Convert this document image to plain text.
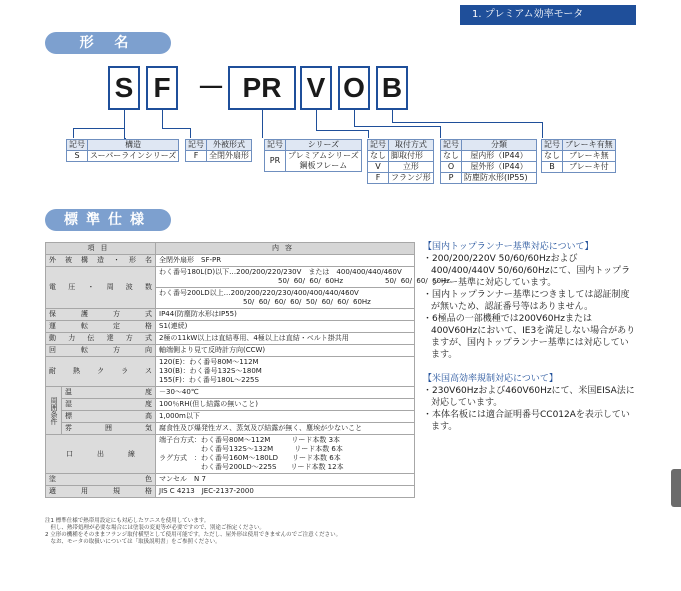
1. プレミアム効率モータ
形 名
S F － PR V O B
記号	構造
S	スーパーラインシリーズ
記号	外被形式
F	全閉外扇形
記号	シリーズ
PR	プレミアムシリーズ
鋼板フレーム
記号	取付方式
なし	脚取付形
V	立形
F	フランジ形
記号	分類
なし	屋内形（IP44）
O	屋外形（IP44）
P	防塵防水形(IP55)
記号	ブレーキ有無
なし	ブレーキ無
B	ブレーキ付
標準仕様
項目		内容
外被構造・形名		全閉外扇形　SF-PR
電圧・周波数		わく番号180L(D)以下…200/200/220/230V　または　400/400/440/460V
　　　　　　　　　　　　　　　　　50/  60/  60/  60Hz　　　　　　50/  60/  60/  60Hz
		わく番号200LD以上…200/200/220/230/400/400/440/460V
　　　　　　　　　　　　50/  60/  60/  60/  50/  60/  60/  60Hz
保護方式		IP44(防塵防水形はIP55)
運転定格		S1(連続)
動力伝達方式		2極の11kW以上は直結専用、4極以上は直結・ベルト掛共用
回転方向		軸端側より見て反時計方向(CCW)
耐熱クラス		120(E)：わく番号80M～112M
130(B)：わく番号132S～180M
155(F)：わく番号180L～225S
周囲条件	温度	－30～40℃
	湿度	100％RH(但し結露の無いこと)
	標高	1,000m以下
	雰囲気	腐食性及び爆発性ガス、蒸気及び結露が無く、塵埃が少ないこと
口出線		端子台方式：わく番号80M～112M　　　リード本数 3本
　　　　　　わく番号132S～132M　　　リード本数 6本
ラグ方式　：わく番号160M～180LD　　リード本数 6本
　　　　　　わく番号200LD～225S　　リード本数 12本
塗色		マンセル　N 7
適用規格		JIS C 4213　JEC-2137-2000
注1 標準仕様で熱帯用設定にも対応したワニスを使用しています。
　但し、熱帯処理が必要な場合には塗装の変更等が必要ですので、別途ご指定ください。
2 立形の機種をそのままフランジ取付横型として使用可能です。ただし、屋外形は使用できませんのでご注意ください。
　なお、モータの取扱いについては「取扱説明書」をご参照ください。
【国内トップランナー基準対応について】
・200/200/220V 50/60/60Hzおよび400/400/440V 50/60/60Hzにて、国内トップランナー基準に対応しています。
・国内トップランナー基準につきましては認証制度が無いため、認証番号等はありません。
・6極品の一部機種では200V60Hzまたは400V60Hzにおいて、IE3を満足しない場合がありますが、国内トップランナー基準には対応しています。
【米国高効率規制対応について】
・230V60Hzおよび460V60Hzにて、米国EISA法に対応しています。
・本体名板には適合証明番号CC012Aを表示しています。
